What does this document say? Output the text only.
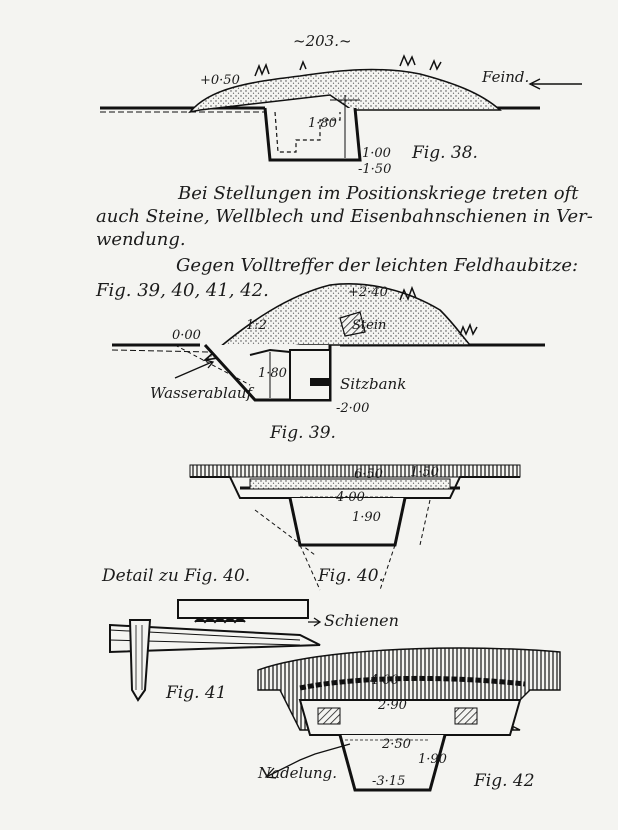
~203.~
+0·50	Feind.
1·80
1·00
-1·50
Fig. 38.
Bei Stellungen im Positionskriege treten oft
auch Steine, Wellblech und Eisenbahnschienen in Ver-
wendung.
Gegen Volltreffer der leichten Feldhaubitze:
Fig. 39, 40, 41, 42.	+2·40
1:2
0·00
Stein
1·80
Sitzbank
-2·00
Wasserablauf
Fig. 39.
6·50 1·50
4·00
1·90
Fig. 40.
Detail zu Fig. 40.
Schienen
Fig. 41
4·00
2·90
2·50
1·90
-3·15
Nadelung.	Fig. 42
